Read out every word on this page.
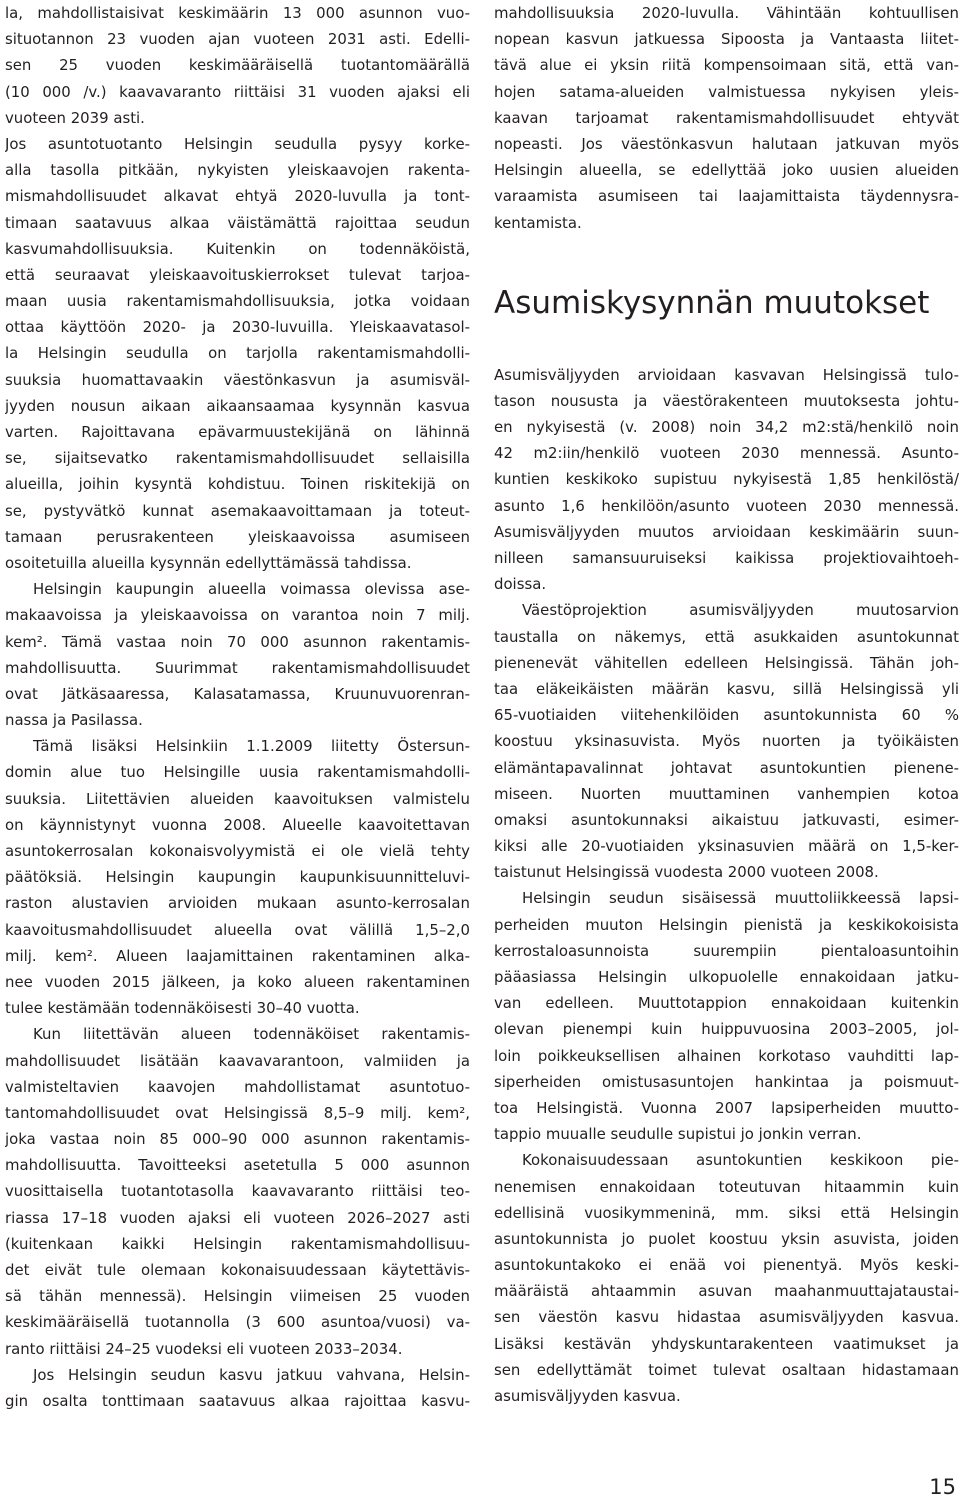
la, mahdollistaisivat keskimäärin 13 000 asunnon vuo-
situotannon 23 vuoden ajan vuoteen 2031 asti. Edelli-
sen 25 vuoden keskimääräisellä tuotantomäärällä
(10 000 /v.) kaavavaranto riittäisi 31 vuoden ajaksi eli
vuoteen 2039 asti.
Jos asuntotuotanto Helsingin seudulla pysyy korke-
alla tasolla pitkään, nykyisten yleiskaavojen rakenta-
mismahdollisuudet alkavat ehtyä 2020-luvulla ja tont-
timaan saatavuus alkaa väistämättä rajoittaa seudun
kasvumahdollisuuksia. Kuitenkin on todennäköistä,
että seuraavat yleiskaavoituskierrokset tulevat tarjoa-
maan uusia rakentamismahdollisuuksia, jotka voidaan
ottaa käyttöön 2020- ja 2030-luvuilla. Yleiskaavatasol-
la Helsingin seudulla on tarjolla rakentamismahdolli-
suuksia huomattavaakin väestönkasvun ja asumisväl-
jyyden nousun aikaan aikaansaamaa kysynnän kasvua
varten. Rajoittavana epävarmuustekijänä on lähinnä
se, sijaitsevatko rakentamismahdollisuudet sellaisilla
alueilla, joihin kysyntä kohdistuu. Toinen riskitekijä on
se, pystyvätkö kunnat asemakaavoittamaan ja toteut-
tamaan perusrakenteen yleiskaavoissa asumiseen
osoitetuilla alueilla kysynnän edellyttämässä tahdissa.
Helsingin kaupungin alueella voimassa olevissa ase-
makaavoissa ja yleiskaavoissa on varantoa noin 7 milj.
kem². Tämä vastaa noin 70 000 asunnon rakentamis-
mahdollisuutta. Suurimmat rakentamismahdollisuudet
ovat Jätkäsaaressa, Kalasatamassa, Kruunuvuorenran-
nassa ja Pasilassa.
Tämä lisäksi Helsinkiin 1.1.2009 liitetty Östersun-
domin alue tuo Helsingille uusia rakentamismahdolli-
suuksia. Liitettävien alueiden kaavoituksen valmistelu
on käynnistynyt vuonna 2008. Alueelle kaavoitettavan
asuntokerrosalan kokonaisvolyymistä ei ole vielä tehty
päätöksiä. Helsingin kaupungin kaupunkisuunnitteluvi-
raston alustavien arvioiden mukaan asunto-kerrosalan
kaavoitusmahdollisuudet alueella ovat välillä 1,5–2,0
milj. kem². Alueen laajamittainen rakentaminen alka-
nee vuoden 2015 jälkeen, ja koko alueen rakentaminen
tulee kestämään todennäköisesti 30–40 vuotta.
Kun liitettävän alueen todennäköiset rakentamis-
mahdollisuudet lisätään kaavavarantoon, valmiiden ja
valmisteltavien kaavojen mahdollistamat asuntotuo-
tantomahdollisuudet ovat Helsingissä 8,5–9 milj. kem²,
joka vastaa noin 85 000–90 000 asunnon rakentamis-
mahdollisuutta. Tavoitteeksi asetetulla 5 000 asunnon
vuosittaisella tuotantotasolla kaavavaranto riittäisi teo-
riassa 17–18 vuoden ajaksi eli vuoteen 2026–2027 asti
(kuitenkaan kaikki Helsingin rakentamismahdollisuu-
det eivät tule olemaan kokonaisuudessaan käytettävis-
sä tähän mennessä). Helsingin viimeisen 25 vuoden
keskimääräisellä tuotannolla (3 600 asuntoa/vuosi) va-
ranto riittäisi 24–25 vuodeksi eli vuoteen 2033–2034.
Jos Helsingin seudun kasvu jatkuu vahvana, Helsin-
gin osalta tonttimaan saatavuus alkaa rajoittaa kasvu-
mahdollisuuksia 2020-luvulla. Vähintään kohtuullisen
nopean kasvun jatkuessa Sipoosta ja Vantaasta liitet-
tävä alue ei yksin riitä kompensoimaan sitä, että van-
hojen satama-alueiden valmistuessa nykyisen yleis-
kaavan tarjoamat rakentamismahdollisuudet ehtyvät
nopeasti. Jos väestönkasvun halutaan jatkuvan myös
Helsingin alueella, se edellyttää joko uusien alueiden
varaamista asumiseen tai laajamittaista täydennysra-
kentamista.
Asumiskysynnän muutokset
Asumisväljyyden arvioidaan kasvavan Helsingissä tulo-
tason noususta ja väestörakenteen muutoksesta johtu-
en nykyisestä (v. 2008) noin 34,2 m2:stä/henkilö noin
42 m2:iin/henkilö vuoteen 2030 mennessä. Asunto-
kuntien keskikoko supistuu nykyisestä 1,85 henkilöstä/
asunto 1,6 henkilöön/asunto vuoteen 2030 mennessä.
Asumisväljyyden muutos arvioidaan keskimäärin suun-
nilleen samansuuruiseksi kaikissa projektiovaihtoeh-
doissa.
Väestöprojektion asumisväljyyden muutosarvion
taustalla on näkemys, että asukkaiden asuntokunnat
pienenevät vähitellen edelleen Helsingissä. Tähän joh-
taa eläkeikäisten määrän kasvu, sillä Helsingissä yli
65-vuotiaiden viitehenkilöiden asuntokunnista 60 %
koostuu yksinasuvista. Myös nuorten ja työikäisten
elämäntapavalinnat johtavat asuntokuntien pienene-
miseen. Nuorten muuttaminen vanhempien kotoa
omaksi asuntokunnaksi aikaistuu jatkuvasti, esimer-
kiksi alle 20-vuotiaiden yksinasuvien määrä on 1,5-ker-
taistunut Helsingissä vuodesta 2000 vuoteen 2008.
Helsingin seudun sisäisessä muuttoliikkeessä lapsi-
perheiden muuton Helsingin pienistä ja keskikokoisista
kerrostaloasunnoista suurempiin pientaloasuntoihin
pääasiassa Helsingin ulkopuolelle ennakoidaan jatku-
van edelleen. Muuttotappion ennakoidaan kuitenkin
olevan pienempi kuin huippuvuosina 2003–2005, jol-
loin poikkeuksellisen alhainen korkotaso vauhditti lap-
siperheiden omistusasuntojen hankintaa ja poismuut-
toa Helsingistä. Vuonna 2007 lapsiperheiden muutto-
tappio muualle seudulle supistui jo jonkin verran.
Kokonaisuudessaan asuntokuntien keskikoon pie-
nenemisen ennakoidaan toteutuvan hitaammin kuin
edellisinä vuosikymmeninä, mm. siksi että Helsingin
asuntokunnista jo puolet koostuu yksin asuvista, joiden
asuntokuntakoko ei enää voi pienentyä. Myös keski-
määräistä ahtaammin asuvan maahanmuuttajataustai-
sen väestön kasvu hidastaa asumisväljyyden kasvua.
Lisäksi kestävän yhdyskuntarakenteen vaatimukset ja
sen edellyttämät toimet tulevat osaltaan hidastamaan
asumisväljyyden kasvua.
15
